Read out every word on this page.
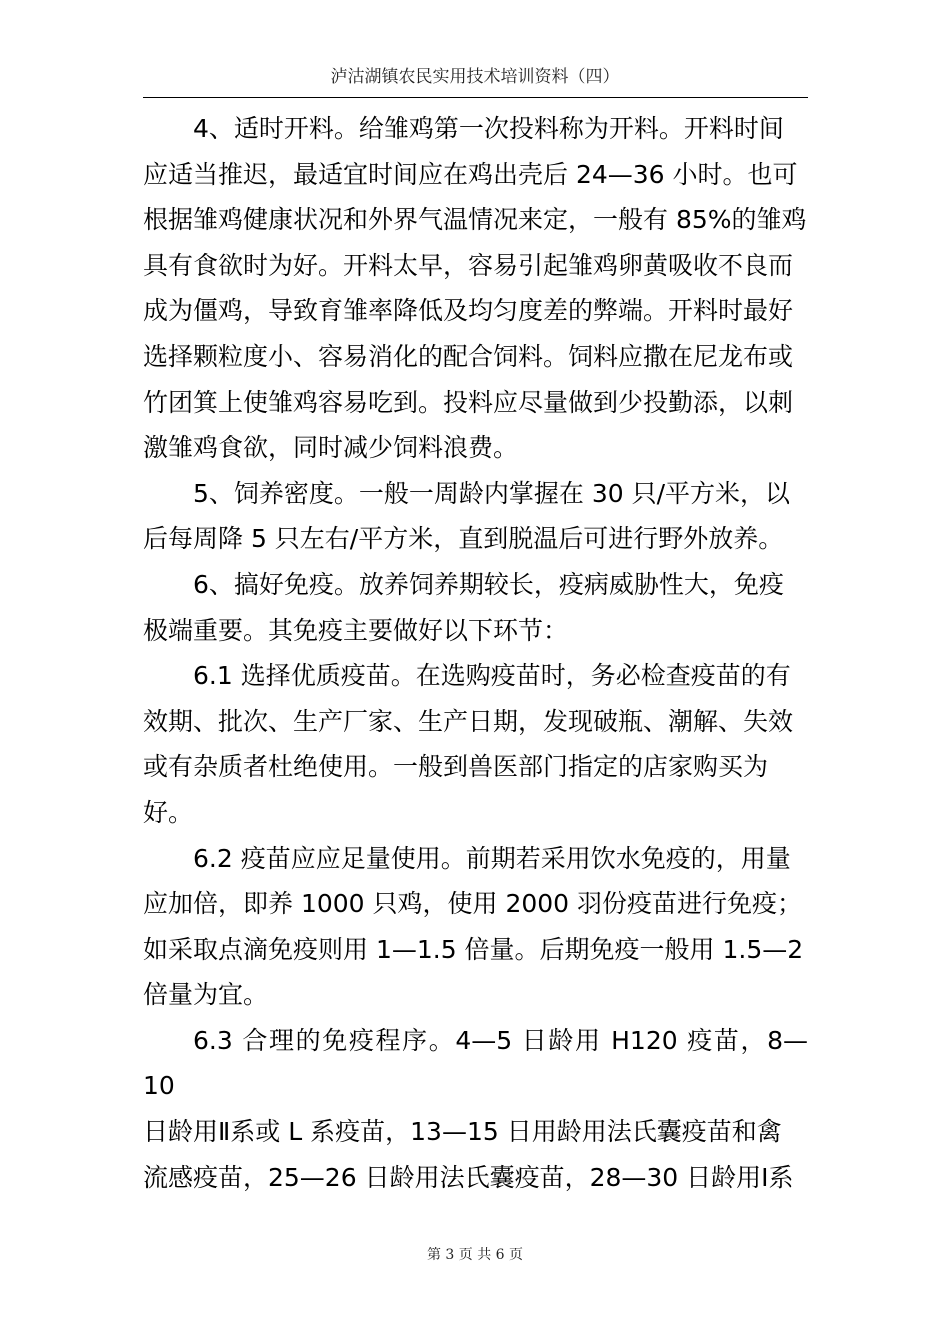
泸沽湖镇农民实用技术培训资料（四）

4、适时开料。给雏鸡第一次投料称为开料。开料时间
应适当推迟，最适宜时间应在鸡出壳后 24—36 小时。也可
根据雏鸡健康状况和外界气温情况来定，一般有 85%的雏鸡
具有食欲时为好。开料太早，容易引起雏鸡卵黄吸收不良而
成为僵鸡，导致育雏率降低及均匀度差的弊端。开料时最好
选择颗粒度小、容易消化的配合饲料。饲料应撒在尼龙布或
竹团箕上使雏鸡容易吃到。投料应尽量做到少投勤添，以刺
激雏鸡食欲，同时减少饲料浪费。

5、饲养密度。一般一周龄内掌握在 30 只/平方米，以
后每周降 5 只左右/平方米，直到脱温后可进行野外放养。

6、搞好免疫。放养饲养期较长，疫病威胁性大，免疫
极端重要。其免疫主要做好以下环节：

6.1 选择优质疫苗。在选购疫苗时，务必检查疫苗的有
效期、批次、生产厂家、生产日期，发现破瓶、潮解、失效
或有杂质者杜绝使用。一般到兽医部门指定的店家购买为
好。

6.2 疫苗应应足量使用。前期若采用饮水免疫的，用量
应加倍，即养 1000 只鸡，使用 2000 羽份疫苗进行免疫；
如采取点滴免疫则用 1—1.5 倍量。后期免疫一般用 1.5—2
倍量为宜。

6.3 合理的免疫程序。4—5 日龄用 H120 疫苗，8—10
日龄用Ⅱ系或 L 系疫苗，13—15 日用龄用法氏囊疫苗和禽
流感疫苗，25—26 日龄用法氏囊疫苗，28—30 日龄用Ⅰ系

第 3 页 共 6 页
